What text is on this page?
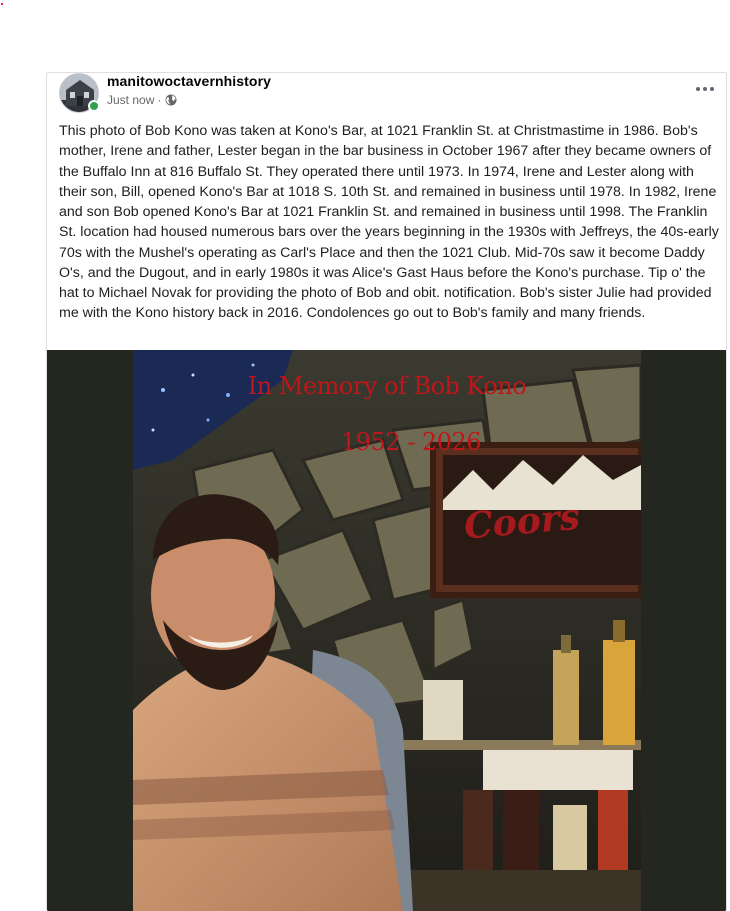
manitowoctavernhistory
Just now ·
This photo of Bob Kono was taken at Kono's Bar, at 1021 Franklin St. at Christmastime in 1986. Bob's mother, Irene and father, Lester began in the bar business in October 1967 after they became owners of the Buffalo Inn at 816 Buffalo St. They operated there until 1973. In 1974, Irene and Lester along with their son, Bill, opened Kono's Bar at 1018 S. 10th St. and remained in business until 1978. In 1982, Irene and son Bob opened Kono's Bar at 1021 Franklin St. and remained in business until 1998. The Franklin St. location had housed numerous bars over the years beginning in the 1930s with Jeffreys, the 40s-early 70s with the Mushel's operating as Carl's Place and then the 1021 Club. Mid-70s saw it become Daddy O's, and the Dugout, and in early 1980s it was Alice's Gast Haus before the Kono's purchase. Tip o' the hat to Michael Novak for providing the photo of Bob and obit. notification. Bob's sister Julie had provided me with the Kono history back in 2016. Condolences go out to Bob's family and many friends.
In Memory of Bob Kono
1952 - 2026
Coors
